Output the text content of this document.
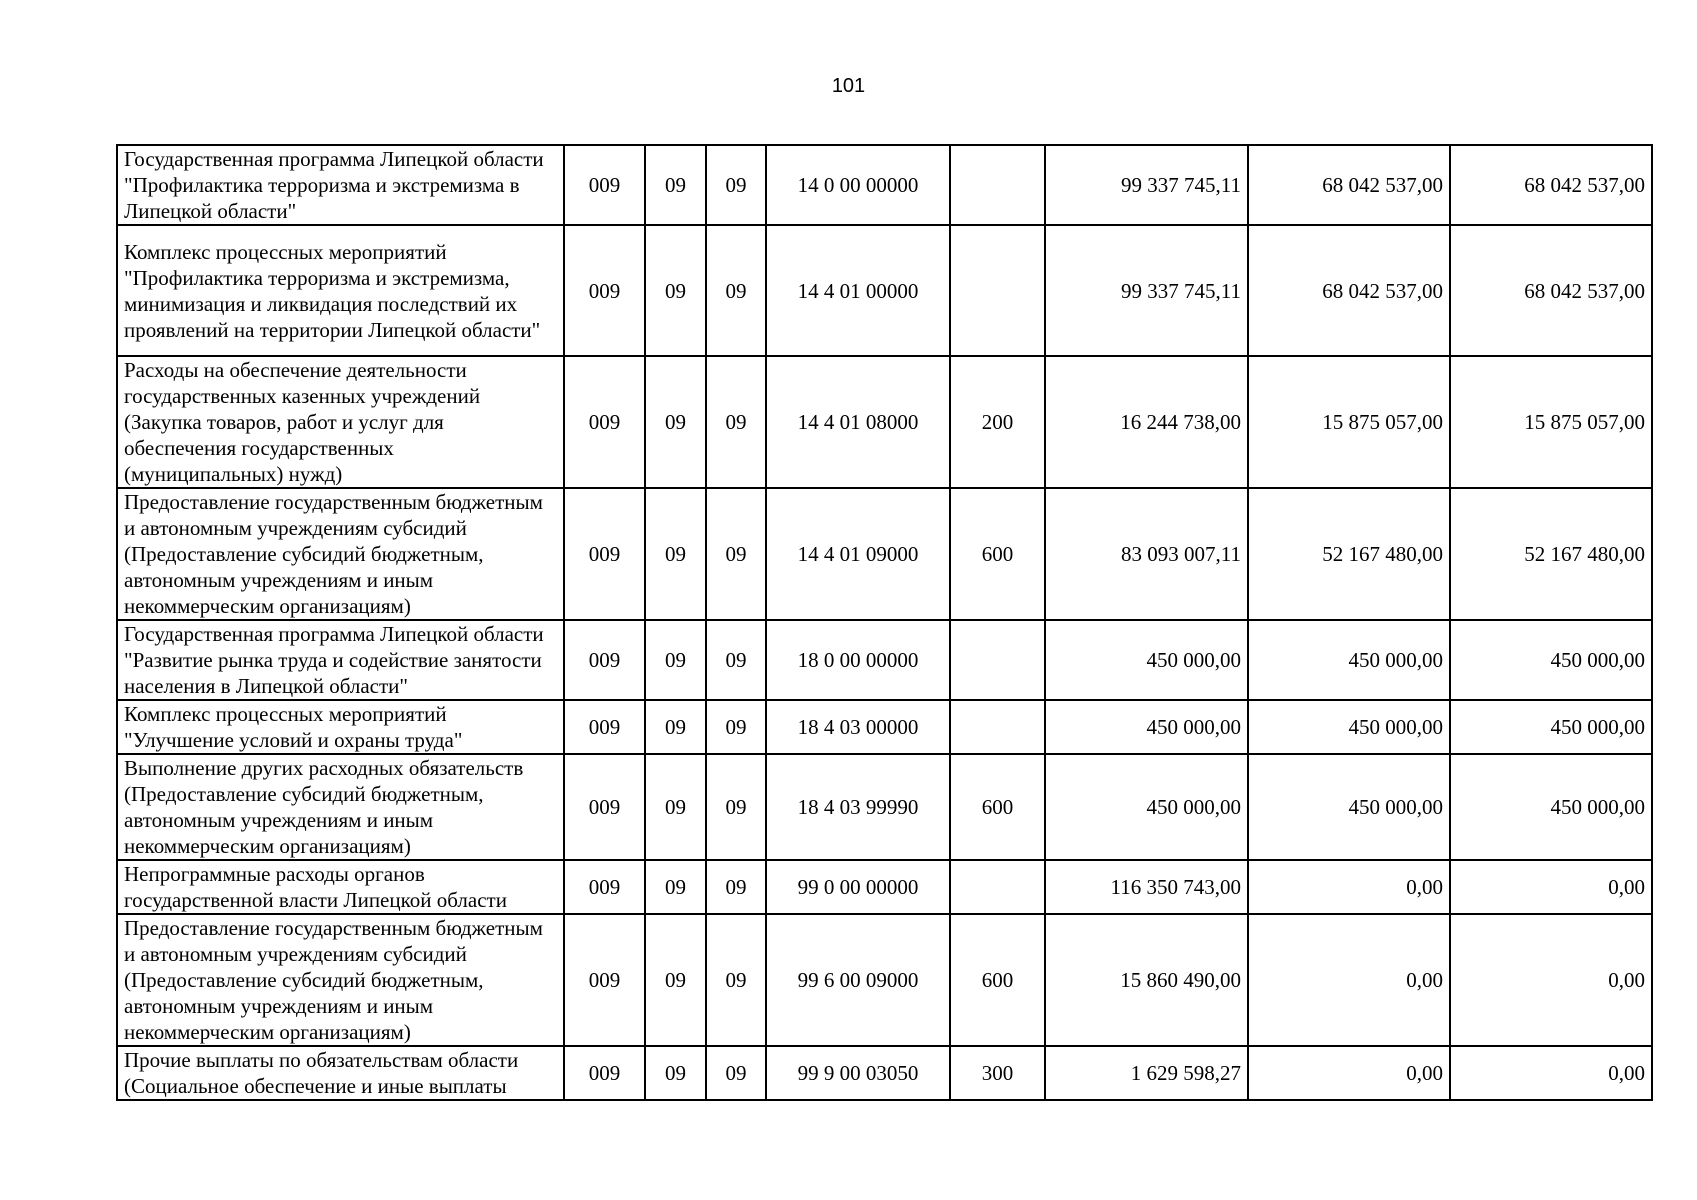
101
Государственная программа Липецкой области "Профилактика терроризма и экстремизма в Липецкой области"	009	09	09	14 0 00 00000		99 337 745,11	68 042 537,00	68 042 537,00
Комплекс процессных мероприятий "Профилактика терроризма и экстремизма, минимизация и ликвидация последствий их проявлений на территории Липецкой области"	009	09	09	14 4 01 00000		99 337 745,11	68 042 537,00	68 042 537,00
Расходы на обеспечение деятельности государственных казенных учреждений (Закупка товаров, работ и услуг для обеспечения государственных (муниципальных) нужд)	009	09	09	14 4 01 08000	200	16 244 738,00	15 875 057,00	15 875 057,00
Предоставление государственным бюджетным и автономным учреждениям субсидий (Предоставление субсидий бюджетным, автономным учреждениям и иным некоммерческим организациям)	009	09	09	14 4 01 09000	600	83 093 007,11	52 167 480,00	52 167 480,00
Государственная программа Липецкой области "Развитие рынка труда и содействие занятости населения в Липецкой области"	009	09	09	18 0 00 00000		450 000,00	450 000,00	450 000,00
Комплекс процессных мероприятий "Улучшение условий и охраны труда"	009	09	09	18 4 03 00000		450 000,00	450 000,00	450 000,00
Выполнение других расходных обязательств (Предоставление субсидий бюджетным, автономным учреждениям и иным некоммерческим организациям)	009	09	09	18 4 03 99990	600	450 000,00	450 000,00	450 000,00
Непрограммные расходы органов государственной власти Липецкой области	009	09	09	99 0 00 00000		116 350 743,00	0,00	0,00
Предоставление государственным бюджетным и автономным учреждениям субсидий (Предоставление субсидий бюджетным, автономным учреждениям и иным некоммерческим организациям)	009	09	09	99 6 00 09000	600	15 860 490,00	0,00	0,00
Прочие выплаты по обязательствам области (Социальное обеспечение и иные выплаты	009	09	09	99 9 00 03050	300	1 629 598,27	0,00	0,00
